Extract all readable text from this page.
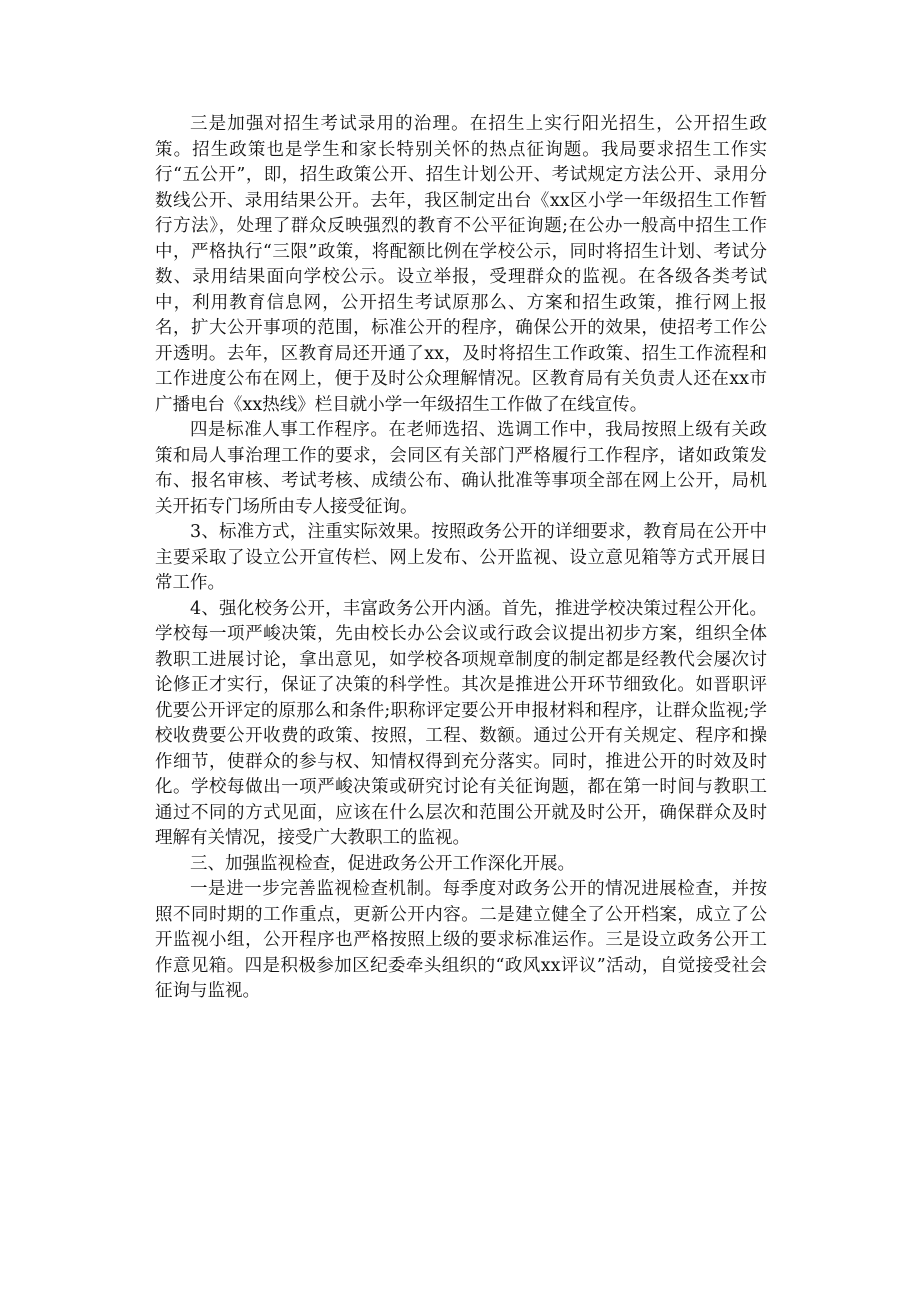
三是加强对招生考试录用的治理。在招生上实行阳光招生，公开招生政策。招生政策也是学生和家长特别关怀的热点征询题。我局要求招生工作实行“五公开”，即，招生政策公开、招生计划公开、考试规定方法公开、录用分数线公开、录用结果公开。去年，我区制定出台《xx区小学一年级招生工作暂行方法》，处理了群众反映强烈的教育不公平征询题;在公办一般高中招生工作中，严格执行“三限”政策，将配额比例在学校公示，同时将招生计划、考试分数、录用结果面向学校公示。设立举报，受理群众的监视。在各级各类考试中，利用教育信息网，公开招生考试原那么、方案和招生政策，推行网上报名，扩大公开事项的范围，标准公开的程序，确保公开的效果，使招考工作公开透明。去年，区教育局还开通了xx，及时将招生工作政策、招生工作流程和工作进度公布在网上，便于及时公众理解情况。区教育局有关负责人还在xx市广播电台《xx热线》栏目就小学一年级招生工作做了在线宣传。

四是标准人事工作程序。在老师选招、选调工作中，我局按照上级有关政策和局人事治理工作的要求，会同区有关部门严格履行工作程序，诸如政策发布、报名审核、考试考核、成绩公布、确认批准等事项全部在网上公开，局机关开拓专门场所由专人接受征询。

3、标准方式，注重实际效果。按照政务公开的详细要求，教育局在公开中主要采取了设立公开宣传栏、网上发布、公开监视、设立意见箱等方式开展日常工作。

4、强化校务公开，丰富政务公开内涵。首先，推进学校决策过程公开化。学校每一项严峻决策，先由校长办公会议或行政会议提出初步方案，组织全体教职工进展讨论，拿出意见，如学校各项规章制度的制定都是经教代会屡次讨论修正才实行，保证了决策的科学性。其次是推进公开环节细致化。如晋职评优要公开评定的原那么和条件;职称评定要公开申报材料和程序，让群众监视;学校收费要公开收费的政策、按照，工程、数额。通过公开有关规定、程序和操作细节，使群众的参与权、知情权得到充分落实。同时，推进公开的时效及时化。学校每做出一项严峻决策或研究讨论有关征询题，都在第一时间与教职工通过不同的方式见面，应该在什么层次和范围公开就及时公开，确保群众及时理解有关情况，接受广大教职工的监视。

三、加强监视检查，促进政务公开工作深化开展。

一是进一步完善监视检查机制。每季度对政务公开的情况进展检查，并按照不同时期的工作重点，更新公开内容。二是建立健全了公开档案，成立了公开监视小组，公开程序也严格按照上级的要求标准运作。三是设立政务公开工作意见箱。四是积极参加区纪委牵头组织的“政风xx评议”活动，自觉接受社会征询与监视。
